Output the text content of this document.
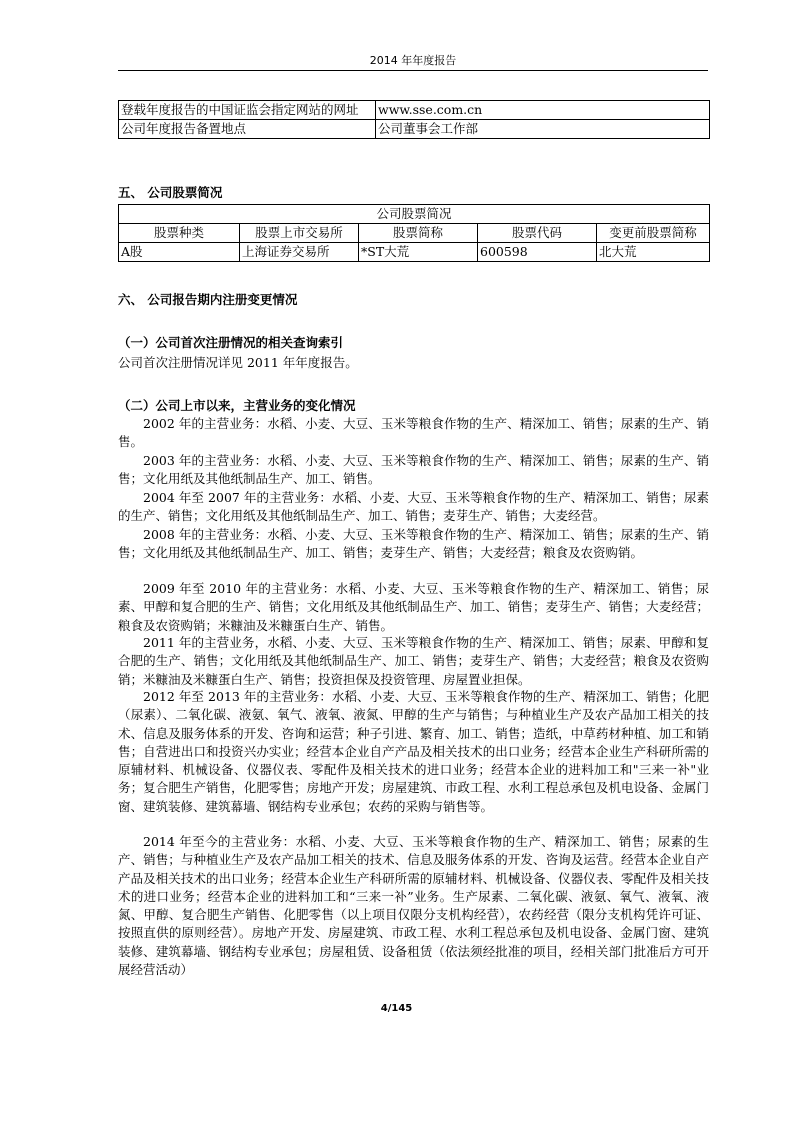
2014 年年度报告
登载年度报告的中国证监会指定网站的网址	www.sse.com.cn
公司年度报告备置地点	公司董事会工作部
五、 公司股票简况
公司股票简况				
股票种类	股票上市交易所	股票简称	股票代码	变更前股票简称
A股	上海证券交易所	*ST大荒	600598	北大荒
六、 公司报告期内注册变更情况
（一）公司首次注册情况的相关查询索引
公司首次注册情况详见 2011 年年度报告。
（二）公司上市以来，主营业务的变化情况

2002 年的主营业务：水稻、小麦、大豆、玉米等粮食作物的生产、精深加工、销售；尿素的生产、销售。

2003 年的主营业务：水稻、小麦、大豆、玉米等粮食作物的生产、精深加工、销售；尿素的生产、销售；文化用纸及其他纸制品生产、加工、销售。

2004 年至 2007 年的主营业务：水稻、小麦、大豆、玉米等粮食作物的生产、精深加工、销售；尿素的生产、销售；文化用纸及其他纸制品生产、加工、销售；麦芽生产、销售；大麦经营。

2008 年的主营业务：水稻、小麦、大豆、玉米等粮食作物的生产、精深加工、销售；尿素的生产、销售；文化用纸及其他纸制品生产、加工、销售；麦芽生产、销售；大麦经营；粮食及农资购销。

2009 年至 2010 年的主营业务：水稻、小麦、大豆、玉米等粮食作物的生产、精深加工、销售；尿素、甲醇和复合肥的生产、销售；文化用纸及其他纸制品生产、加工、销售；麦芽生产、销售；大麦经营；粮食及农资购销；米糠油及米糠蛋白生产、销售。

2011 年的主营业务，水稻、小麦、大豆、玉米等粮食作物的生产、精深加工、销售；尿素、甲醇和复合肥的生产、销售；文化用纸及其他纸制品生产、加工、销售；麦芽生产、销售；大麦经营；粮食及农资购销；米糠油及米糠蛋白生产、销售；投资担保及投资管理、房屋置业担保。

2012 年至 2013 年的主营业务：水稻、小麦、大豆、玉米等粮食作物的生产、精深加工、销售；化肥（尿素）、二氧化碳、液氨、氧气、液氧、液氮、甲醇的生产与销售；与种植业生产及农产品加工相关的技术、信息及服务体系的开发、咨询和运营；种子引进、繁育、加工、销售；造纸，中草药材种植、加工和销售；自营进出口和投资兴办实业；经营本企业自产产品及相关技术的出口业务；经营本企业生产科研所需的原辅材料、机械设备、仪器仪表、零配件及相关技术的进口业务；经营本企业的进料加工和"三来一补"业务；复合肥生产销售，化肥零售；房地产开发；房屋建筑、市政工程、水利工程总承包及机电设备、金属门窗、建筑装修、建筑幕墙、钢结构专业承包；农药的采购与销售等。

2014 年至今的主营业务：水稻、小麦、大豆、玉米等粮食作物的生产、精深加工、销售；尿素的生产、销售；与种植业生产及农产品加工相关的技术、信息及服务体系的开发、咨询及运营。经营本企业自产产品及相关技术的出口业务；经营本企业生产科研所需的原辅材料、机械设备、仪器仪表、零配件及相关技术的进口业务；经营本企业的进料加工和“三来一补”业务。生产尿素、二氧化碳、液氨、氧气、液氧、液氮、甲醇、复合肥生产销售、化肥零售（以上项目仅限分支机构经营），农药经营（限分支机构凭许可证、按照直供的原则经营）。房地产开发、房屋建筑、市政工程、水利工程总承包及机电设备、金属门窗、建筑装修、建筑幕墙、钢结构专业承包；房屋租赁、设备租赁（依法须经批准的项目，经相关部门批准后方可开展经营活动）

4/145
